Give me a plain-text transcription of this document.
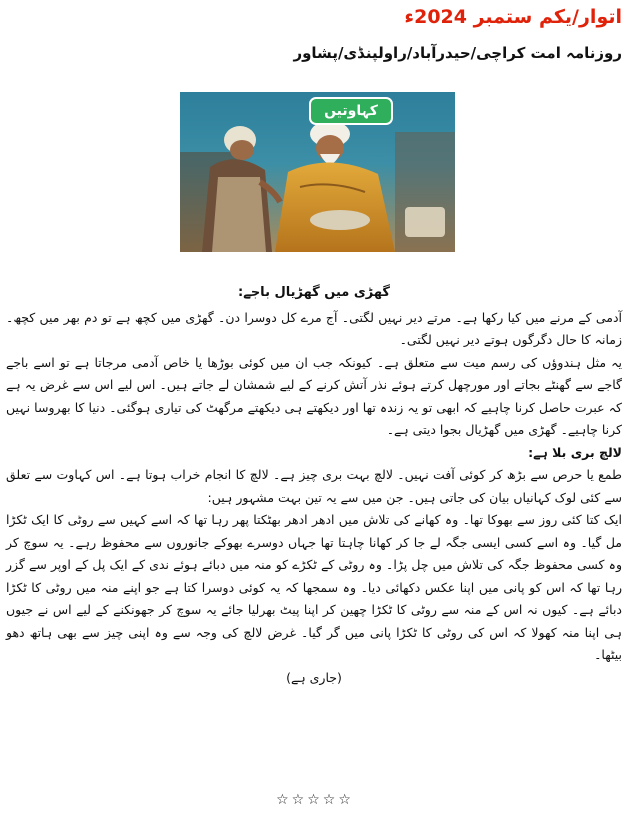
اتوار/یکم ستمبر 2024ء
روزنامہ امت کراچی/حیدرآباد/راولپنڈی/پشاور
کہاوتیں

گھڑی میں گھڑیال باجے:

آدمی کے مرنے میں کیا رکھا ہے۔ مرتے دیر نہیں لگتی۔ آج مرے کل دوسرا دن۔ گھڑی میں کچھ ہے تو دم بھر میں کچھ۔ زمانہ کا حال دگرگوں ہوتے دیر نہیں لگتی۔

یہ مثل ہندوؤں کی رسم میت سے متعلق ہے۔ کیونکہ جب ان میں کوئی بوڑھا یا خاص آدمی مرجاتا ہے تو اسے باجے گاجے سے گھنٹے بجاتے اور مورچھل کرتے ہوئے نذر آتش کرنے کے لیے شمشان لے جاتے ہیں۔ اس لیے اس سے غرض یہ ہے کہ عبرت حاصل کرنا چاہیے کہ ابھی تو یہ زندہ تھا اور دیکھتے ہی دیکھتے مرگھٹ کی تیاری ہوگئی۔ دنیا کا بھروسا نہیں کرنا چاہیے۔ گھڑی میں گھڑیال بجوا دیتی ہے۔

لالچ بری بلا ہے:

طمع یا حرص سے بڑھ کر کوئی آفت نہیں۔ لالچ بہت بری چیز ہے۔ لالچ کا انجام خراب ہوتا ہے۔ اس کہاوت سے تعلق سے کئی لوک کہانیاں بیان کی جاتی ہیں۔ جن میں سے یہ تین بہت مشہور ہیں:

ایک کتا کئی روز سے بھوکا تھا۔ وہ کھانے کی تلاش میں ادھر ادھر بھٹکتا پھر رہا تھا کہ اسے کہیں سے روٹی کا ایک ٹکڑا مل گیا۔ وہ اسے کسی ایسی جگہ لے جا کر کھانا چاہتا تھا جہاں دوسرے بھوکے جانوروں سے محفوظ رہے۔ یہ سوچ کر وہ کسی محفوظ جگہ کی تلاش میں چل پڑا۔ وہ روٹی کے ٹکڑے کو منہ میں دبائے ہوئے ندی کے ایک پل کے اوپر سے گزر رہا تھا کہ اس کو پانی میں اپنا عکس دکھائی دیا۔ وہ سمجھا کہ یہ کوئی دوسرا کتا ہے جو اپنے منہ میں روٹی کا ٹکڑا دبائے ہے۔ کیوں نہ اس کے منہ سے روٹی کا ٹکڑا چھین کر اپنا پیٹ بھرلیا جائے یہ سوچ کر جھونکنے کے لیے اس نے جیوں ہی اپنا منہ کھولا کہ اس کی روٹی کا ٹکڑا پانی میں گر گیا۔ غرض لالچ کی وجہ سے وہ اپنی چیز سے بھی ہاتھ دھو بیٹھا۔

(جاری ہے)

☆☆☆☆☆
